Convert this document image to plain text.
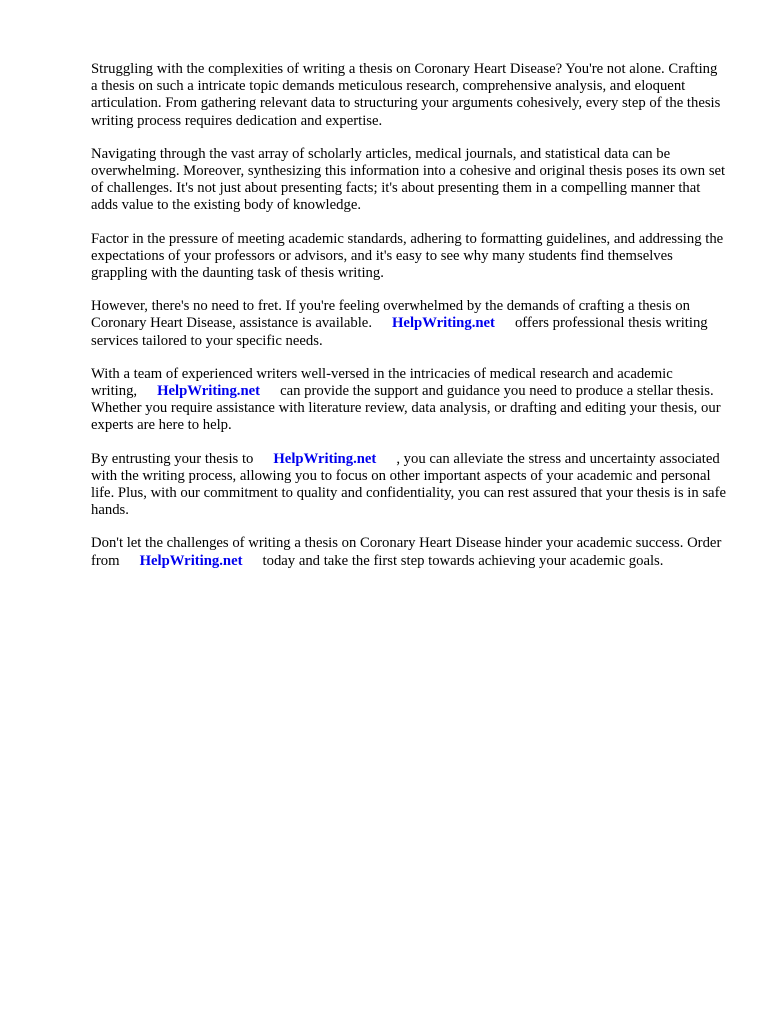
Struggling with the complexities of writing a thesis on Coronary Heart Disease? You're not alone. Crafting a thesis on such a intricate topic demands meticulous research, comprehensive analysis, and eloquent articulation. From gathering relevant data to structuring your arguments cohesively, every step of the thesis writing process requires dedication and expertise.

Navigating through the vast array of scholarly articles, medical journals, and statistical data can be overwhelming. Moreover, synthesizing this information into a cohesive and original thesis poses its own set of challenges. It's not just about presenting facts; it's about presenting them in a compelling manner that adds value to the existing body of knowledge.

Factor in the pressure of meeting academic standards, adhering to formatting guidelines, and addressing the expectations of your professors or advisors, and it's easy to see why many students find themselves grappling with the daunting task of thesis writing.

However, there's no need to fret. If you're feeling overwhelmed by the demands of crafting a thesis on Coronary Heart Disease, assistance is available. HelpWriting.net offers professional thesis writing services tailored to your specific needs.

With a team of experienced writers well-versed in the intricacies of medical research and academic writing, HelpWriting.net can provide the support and guidance you need to produce a stellar thesis. Whether you require assistance with literature review, data analysis, or drafting and editing your thesis, our experts are here to help.

By entrusting your thesis to HelpWriting.net , you can alleviate the stress and uncertainty associated with the writing process, allowing you to focus on other important aspects of your academic and personal life. Plus, with our commitment to quality and confidentiality, you can rest assured that your thesis is in safe hands.

Don't let the challenges of writing a thesis on Coronary Heart Disease hinder your academic success. Order from HelpWriting.net today and take the first step towards achieving your academic goals.
